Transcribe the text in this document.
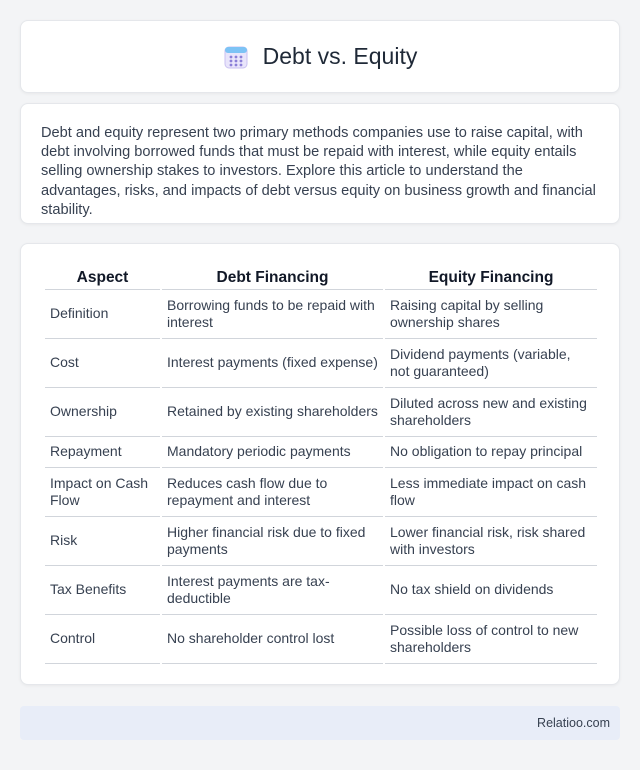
Debt vs. Equity

Debt and equity represent two primary methods companies use to raise capital, with debt involving borrowed funds that must be repaid with interest, while equity entails selling ownership stakes to investors. Explore this article to understand the advantages, risks, and impacts of debt versus equity on business growth and financial stability.

Aspect	Debt Financing	Equity Financing
Definition	Borrowing funds to be repaid with interest	Raising capital by selling ownership shares
Cost	Interest payments (fixed expense)	Dividend payments (variable, not guaranteed)
Ownership	Retained by existing shareholders	Diluted across new and existing shareholders
Repayment	Mandatory periodic payments	No obligation to repay principal
Impact on Cash Flow	Reduces cash flow due to repayment and interest	Less immediate impact on cash flow
Risk	Higher financial risk due to fixed payments	Lower financial risk, risk shared with investors
Tax Benefits	Interest payments are tax-deductible	No tax shield on dividends
Control	No shareholder control lost	Possible loss of control to new shareholders
Relatioo.com
